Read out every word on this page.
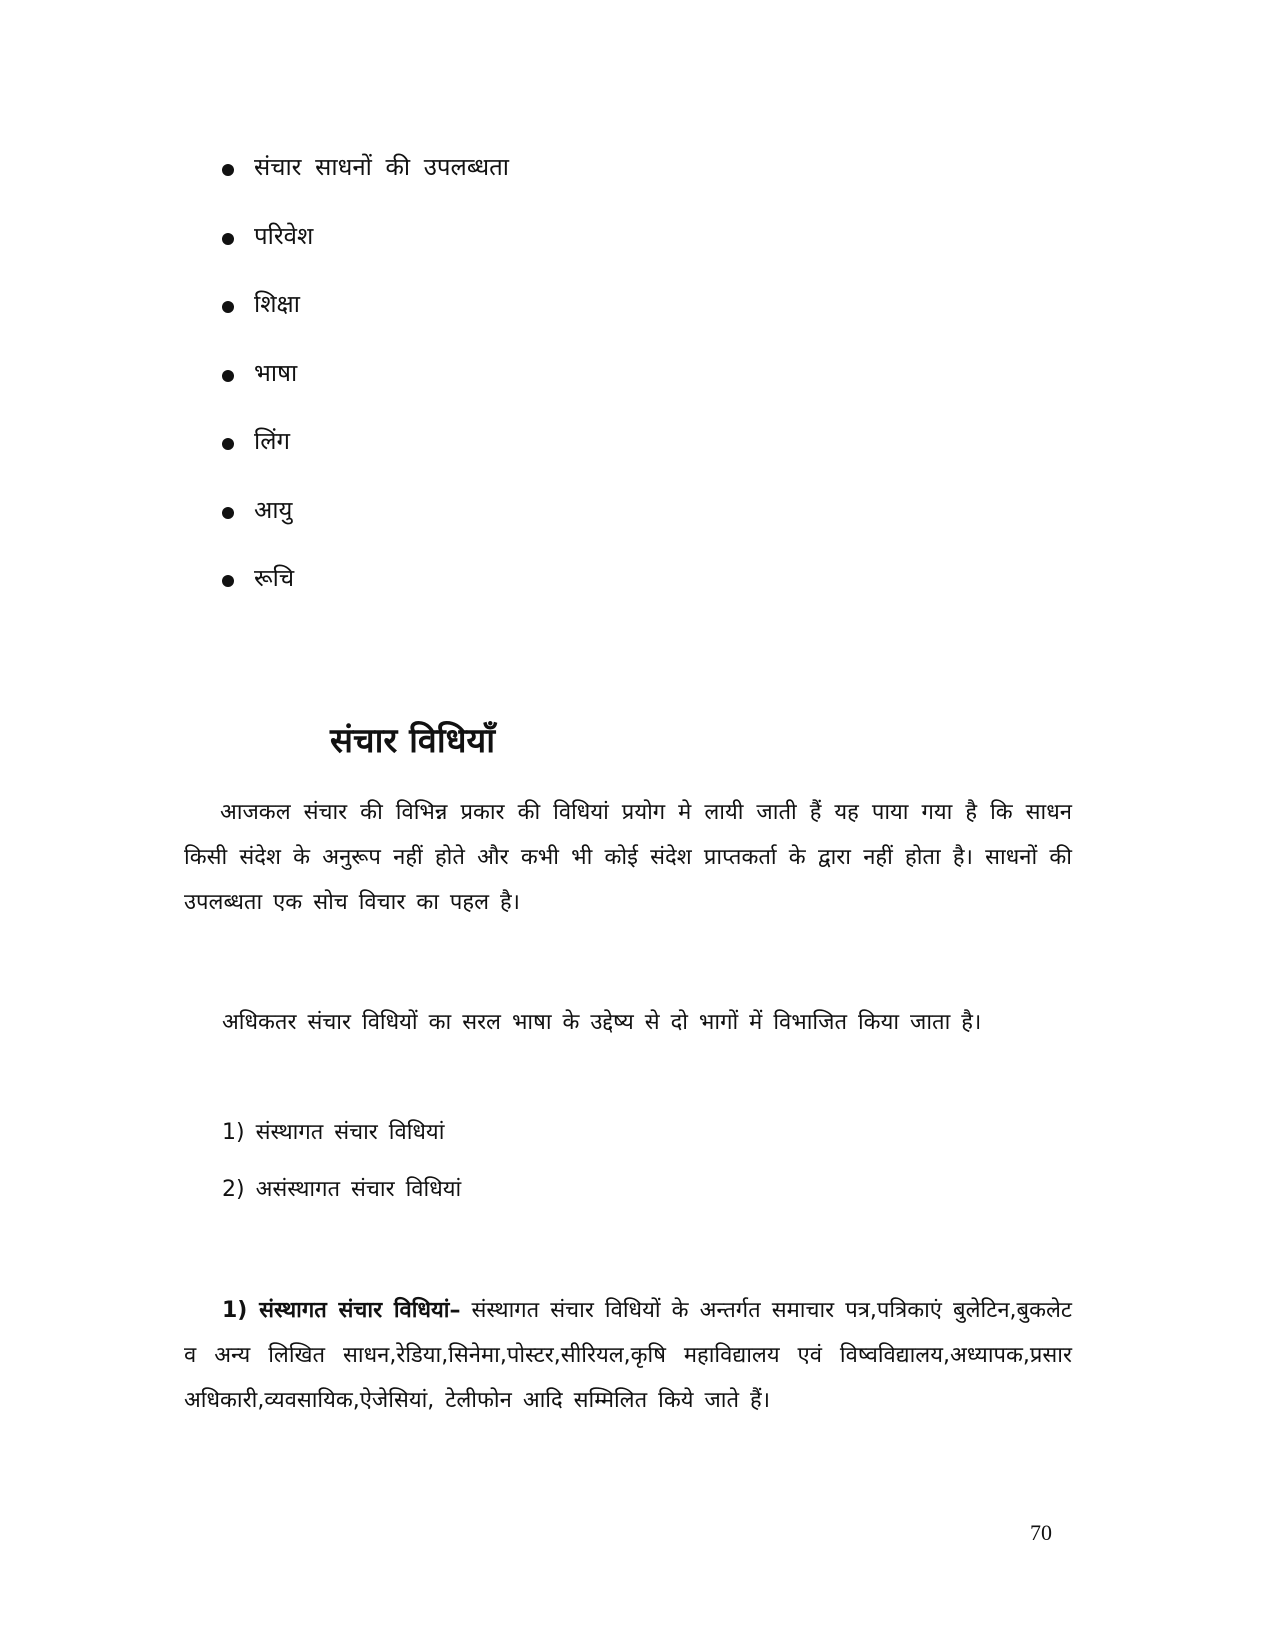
संचार साधनों की उपलब्धता
परिवेश
शिक्षा
भाषा
लिंग
आयु
रूचि
संचार विधियाँ

आजकल संचार की विभिन्न प्रकार की विधियां प्रयोग मे लायी जाती हैं यह पाया गया है कि साधन किसी संदेश के अनुरूप नहीं होते और कभी भी कोई संदेश प्राप्तकर्ता के द्वारा नहीं होता है। साधनों की उपलब्धता एक सोच विचार का पहल है।

अधिकतर संचार विधियों का सरल भाषा के उद्देष्य से दो भागों में विभाजित किया जाता है।

1) संस्थागत संचार विधियां

2) असंस्थागत संचार विधियां

1) संस्थागत संचार विधियां– संस्थागत संचार विधियों के अन्तर्गत समाचार पत्र,पत्रिकाएं बुलेटिन,बुकलेट व अन्य लिखित साधन,रेडिया,सिनेमा,पोस्टर,सीरियल,कृषि महाविद्यालय एवं विष्वविद्यालय,अध्यापक,प्रसार अधिकारी,व्यवसायिक,ऐजेसियां, टेलीफोन आदि सम्मिलित किये जाते हैं।

70
